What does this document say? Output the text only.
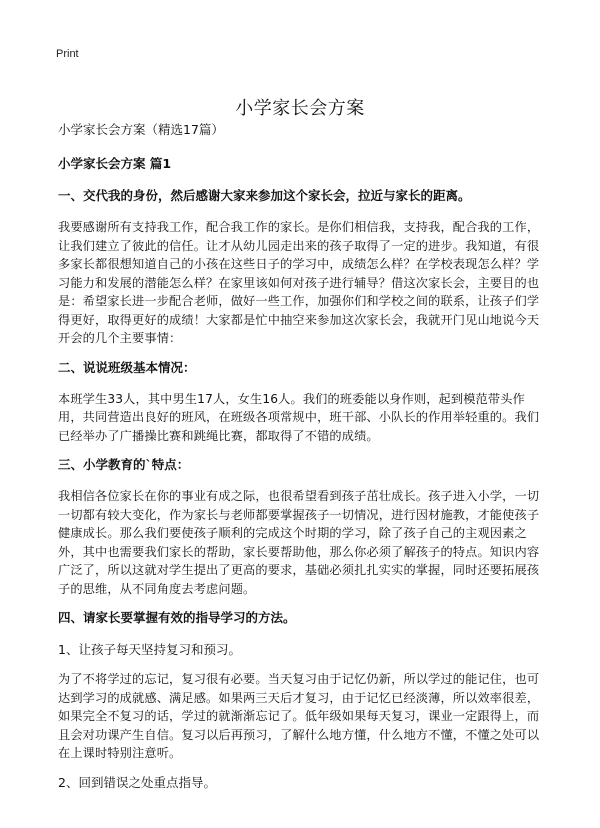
Print
小学家长会方案

小学家长会方案（精选17篇）

小学家长会方案 篇1

一、交代我的身份，然后感谢大家来参加这个家长会，拉近与家长的距离。

我要感谢所有支持我工作，配合我工作的家长。是你们相信我，支持我，配合我的工作，让我们建立了彼此的信任。让才从幼儿园走出来的孩子取得了一定的进步。我知道，有很多家长都很想知道自己的小孩在这些日子的学习中，成绩怎么样？在学校表现怎么样？学习能力和发展的潜能怎么样？在家里该如何对孩子进行辅导？借这次家长会，主要目的也是：希望家长进一步配合老师，做好一些工作，加强你们和学校之间的联系，让孩子们学得更好，取得更好的成绩！大家都是忙中抽空来参加这次家长会，我就开门见山地说今天开会的几个主要事情：

二、说说班级基本情况：

本班学生33人，其中男生17人，女生16人。我们的班委能以身作则，起到模范带头作用，共同营造出良好的班风，在班级各项常规中，班干部、小队长的作用举轻重的。我们已经举办了广播操比赛和跳绳比赛，都取得了不错的成绩。

三、小学教育的`特点：

我相信各位家长在你的事业有成之际，也很希望看到孩子茁壮成长。孩子进入小学，一切一切都有较大变化，作为家长与老师都要掌握孩子一切情况，进行因材施教，才能使孩子健康成长。那么我们要使孩子顺利的完成这个时期的学习，除了孩子自己的主观因素之外，其中也需要我们家长的帮助，家长要帮助他，那么你必须了解孩子的特点。知识内容广泛了，所以这就对学生提出了更高的要求，基础必须扎扎实实的掌握，同时还要拓展孩子的思维，从不同角度去考虑问题。

四、请家长要掌握有效的指导学习的方法。

1、让孩子每天坚持复习和预习。

为了不将学过的忘记，复习很有必要。当天复习由于记忆仍新，所以学过的能记住，也可达到学习的成就感、满足感。如果两三天后才复习，由于记忆已经淡薄，所以效率很差，如果完全不复习的话，学过的就渐渐忘记了。低年级如果每天复习，课业一定跟得上，而且会对功课产生自信。复习以后再预习，了解什么地方懂，什么地方不懂，不懂之处可以在上课时特别注意听。

2、回到错误之处重点指导。
